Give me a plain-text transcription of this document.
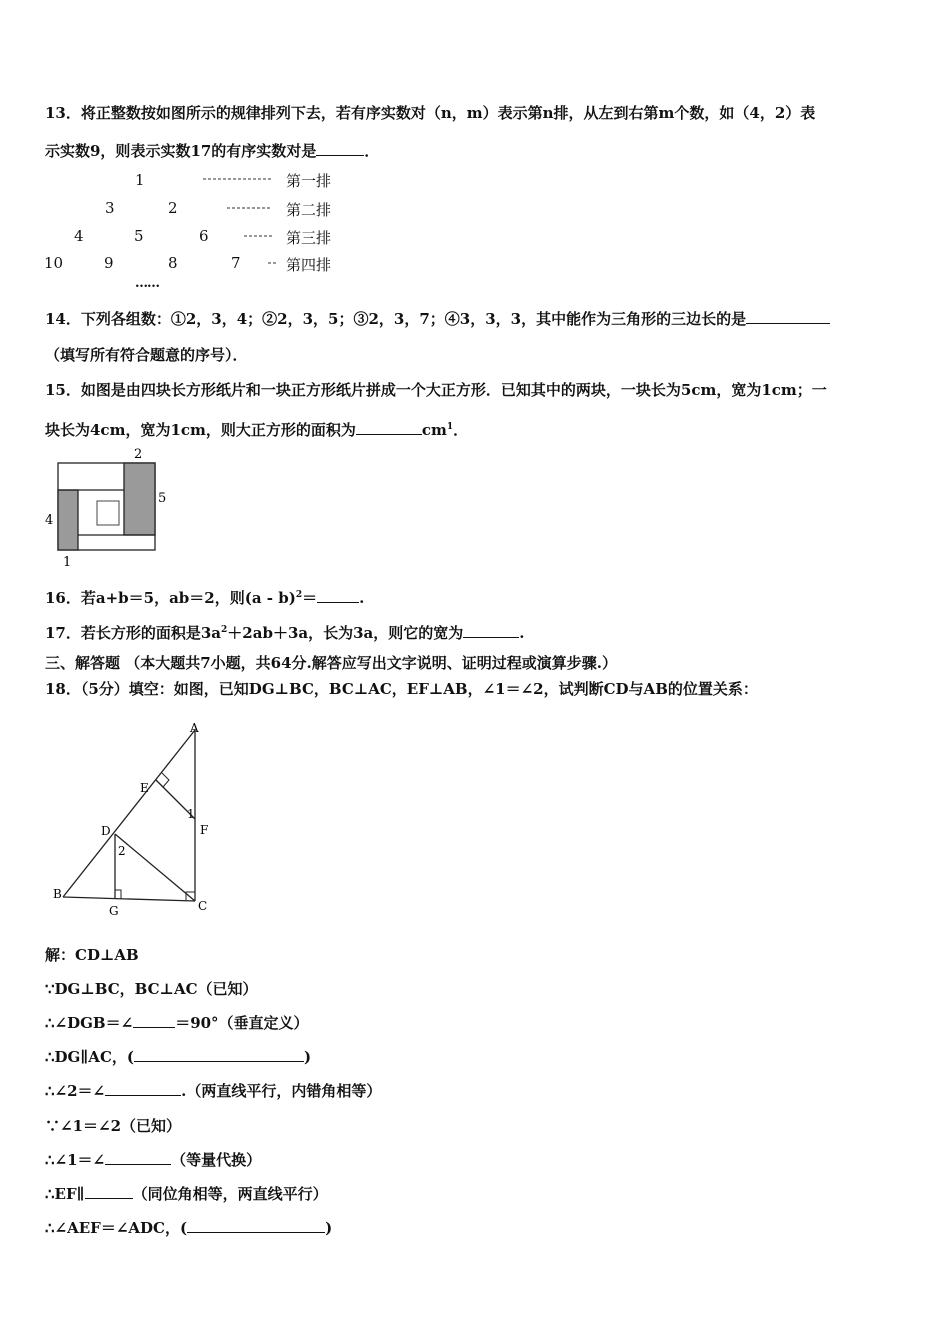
13．将正整数按如图所示的规律排列下去，若有序实数对（n，m）表示第n排，从左到右第m个数，如（4，2）表
示实数9，则表示实数17的有序实数对是	．
1
3	2
4	5	6
10	9	8	7
第一排
第二排
第三排
第四排
……
14．下列各组数：①2，3，4；②2，3，5；③2，3，7；④3，3，3，其中能作为三角形的三边长的是
（填写所有符合题意的序号）．
15．如图是由四块长方形纸片和一块正方形纸片拼成一个大正方形．已知其中的两块，一块长为5cm，宽为1cm；一
块长为4cm，宽为1cm，则大正方形的面积为	$cm^1$．
2
5
4
1
16．若a+b＝5，ab＝2，则(a - b)$^2$＝	.
17．若长方形的面积是$3a^2+2ab+3a$，长为3a，则它的宽为	.
三、解答题 （本大题共7小题，共64分.解答应写出文字说明、证明过程或演算步骤.）
18．（5分）填空：如图，已知DG⊥BC，BC⊥AC，EF⊥AB，∠1＝∠2，试判断CD与AB的位置关系：
A
B
C
D
E
F
G
1
2
解：CD⊥AB
∵DG⊥BC，BC⊥AC（已知）
∴∠DGB＝∠	＝90°（垂直定义）
∴DG∥AC，(	)
∴∠2＝∠	.（两直线平行，内错角相等）
∵∠1＝∠2（已知）
∴∠1＝∠	（等量代换）
∴EF∥	（同位角相等，两直线平行）
∴∠AEF＝∠ADC，(	)
